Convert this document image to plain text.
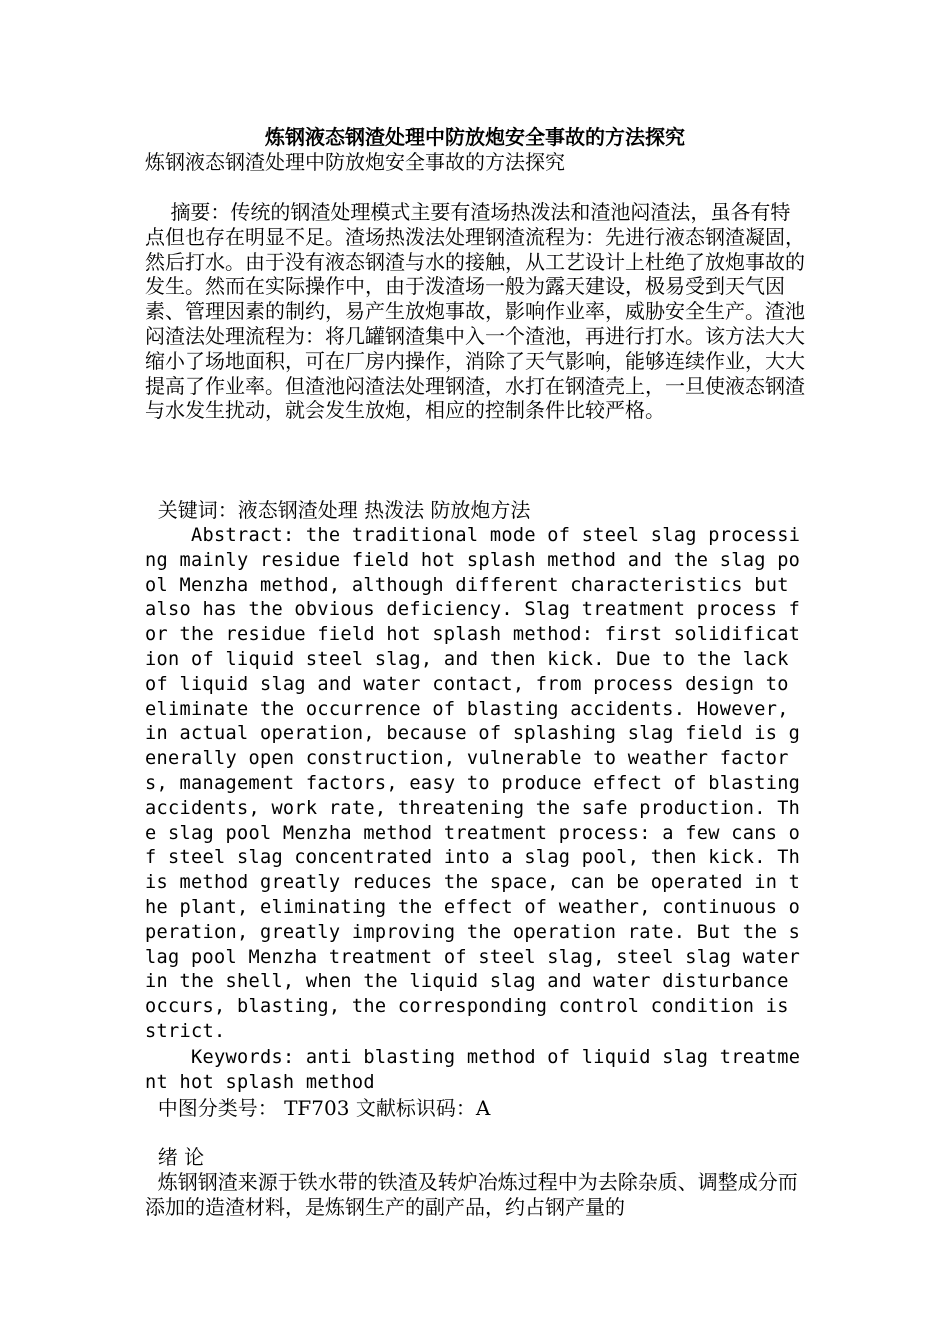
炼钢液态钢渣处理中防放炮安全事故的方法探究

炼钢液态钢渣处理中防放炮安全事故的方法探究

摘要：传统的钢渣处理模式主要有渣场热泼法和渣池闷渣法，虽各有特点但也存在明显不足。渣场热泼法处理钢渣流程为：先进行液态钢渣凝固，然后打水。由于没有液态钢渣与水的接触，从工艺设计上杜绝了放炮事故的发生。然而在实际操作中，由于泼渣场一般为露天建设，极易受到天气因素、管理因素的制约，易产生放炮事故，影响作业率，威胁安全生产。渣池闷渣法处理流程为：将几罐钢渣集中入一个渣池，再进行打水。该方法大大缩小了场地面积，可在厂房内操作，消除了天气影响，能够连续作业，大大提高了作业率。但渣池闷渣法处理钢渣，水打在钢渣壳上，一旦使液态钢渣与水发生扰动，就会发生放炮，相应的控制条件比较严格。

关键词：液态钢渣处理 热泼法 防放炮方法

Abstract: the traditional mode of steel slag processing mainly residue field hot splash method and the slag pool Menzha method, although different characteristics but also has the obvious deficiency. Slag treatment process for the residue field hot splash method: first solidification of liquid steel slag, and then kick. Due to the lack of liquid slag and water contact, from process design to eliminate the occurrence of blasting accidents. However, in actual operation, because of splashing slag field is generally open construction, vulnerable to weather factors, management factors, easy to produce effect of blasting accidents, work rate, threatening the safe production. The slag pool Menzha method treatment process: a few cans of steel slag concentrated into a slag pool, then kick. This method greatly reduces the space, can be operated in the plant, eliminating the effect of weather, continuous operation, greatly improving the operation rate. But the slag pool Menzha treatment of steel slag, steel slag water in the shell, when the liquid slag and water disturbance occurs, blasting, the corresponding control condition is strict.

Keywords: anti blasting method of liquid slag treatment hot splash method

中图分类号： TF703 文献标识码：A

绪 论

炼钢钢渣来源于铁水带的铁渣及转炉冶炼过程中为去除杂质、调整成分而添加的造渣材料，是炼钢生产的副产品，约占钢产量的
